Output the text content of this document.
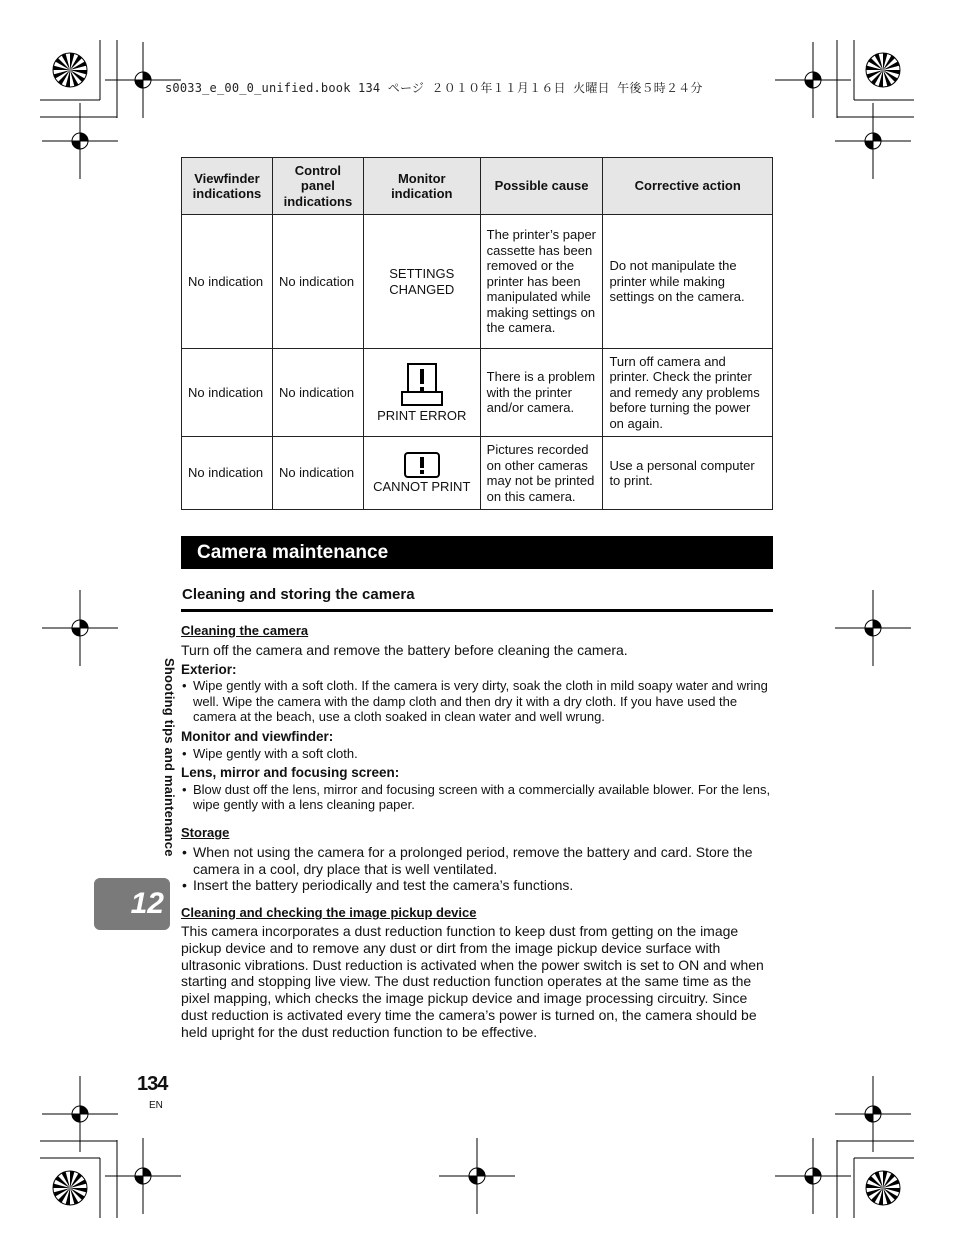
s0033_e_00_0_unified.book 134 ページ ２０１０年１１月１６日 火曜日 午後５時２４分
Viewfinder indications	Control panel indications	Monitor indication	Possible cause	Corrective action
No indication	No indication	SETTINGS CHANGED	The printer’s paper cassette has been removed or the printer has been manipulated while making settings on the camera.	Do not manipulate the printer while making settings on the camera.
No indication	No indication	PRINT ERROR	There is a problem with the printer and/or camera.	Turn off camera and printer. Check the printer and remedy any problems before turning the power on again.
No indication	No indication	CANNOT PRINT	Pictures recorded on other cameras may not be printed on this camera.	Use a personal computer to print.
Camera maintenance
Cleaning and storing the camera

Cleaning the camera

Turn off the camera and remove the battery before cleaning the camera.

Exterior:

• Wipe gently with a soft cloth. If the camera is very dirty, soak the cloth in mild soapy water and wring well. Wipe the camera with the damp cloth and then dry it with a dry cloth. If you have used the camera at the beach, use a cloth soaked in clean water and well wrung.

Monitor and viewfinder:

• Wipe gently with a soft cloth.

Lens, mirror and focusing screen:

• Blow dust off the lens, mirror and focusing screen with a commercially available blower. For the lens, wipe gently with a lens cleaning paper.

Storage

• When not using the camera for a prolonged period, remove the battery and card. Store the camera in a cool, dry place that is well ventilated.
• Insert the battery periodically and test the camera’s functions.

Cleaning and checking the image pickup device

This camera incorporates a dust reduction function to keep dust from getting on the image pickup device and to remove any dust or dirt from the image pickup device surface with ultrasonic vibrations. Dust reduction is activated when the power switch is set to ON and when starting and stopping live view. The dust reduction function operates at the same time as the pixel mapping, which checks the image pickup device and image processing circuitry. Since dust reduction is activated every time the camera’s power is turned on, the camera should be held upright for the dust reduction function to be effective.

Shooting tips and maintenance
12
134
EN
